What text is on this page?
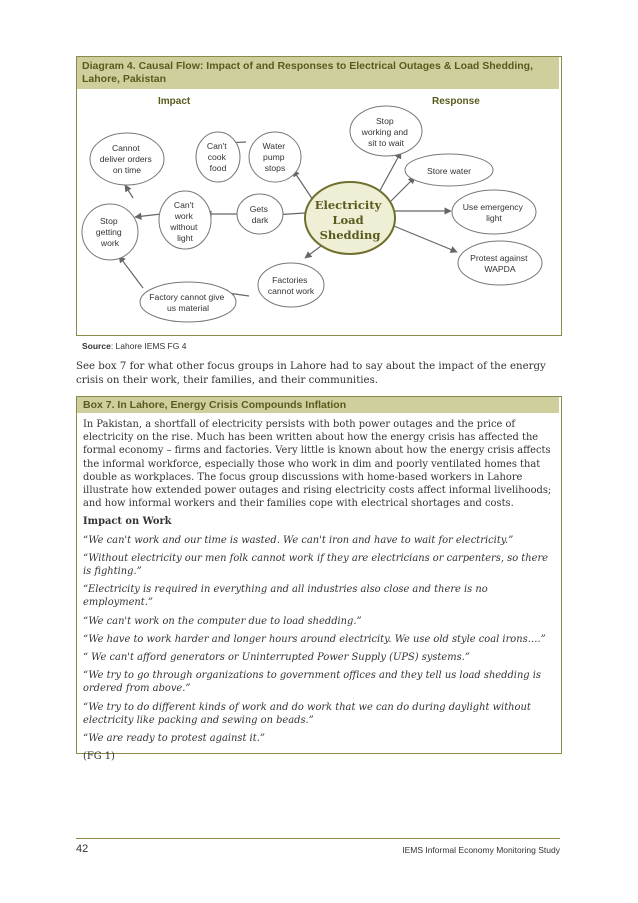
Diagram 4. Causal Flow: Impact of and Responses to Electrical Outages & Load Shedding, Lahore, Pakistan
Impact	Response
Cannot deliver orders on time
Can't cook food
Water pump stops
Stop working and sit to wait
Store water
Stop getting work
Can't work without light
Gets dark
Use emergency light
Protest against WAPDA
Factories cannot work
Factory cannot give us material
Electricity Load Shedding
Source: Lahore IEMS FG 4
See box 7 for what other focus groups in Lahore had to say about the impact of the energy crisis on their work, their families, and their communities.
Box 7. In Lahore, Energy Crisis Compounds Inflation

In Pakistan, a shortfall of electricity persists with both power outages and the price of electricity on the rise. Much has been written about how the energy crisis has affected the formal economy – firms and factories. Very little is known about how the energy crisis affects the informal workforce, especially those who work in dim and poorly ventilated homes that double as workplaces. The focus group discussions with home-based workers in Lahore illustrate how extended power outages and rising electricity costs affect informal livelihoods; and how informal workers and their families cope with electrical shortages and costs.

Impact on Work

“We can't work and our time is wasted. We can't iron and have to wait for electricity.”

“Without electricity our men folk cannot work if they are electricians or carpenters, so there is fighting.”

“Electricity is required in everything and all industries also close and there is no employment.”

“We can't work on the computer due to load shedding.”

“We have to work harder and longer hours around electricity. We use old style coal irons….”

“ We can't afford generators or Uninterrupted Power Supply (UPS) systems.”

“We try to go through organizations to government offices and they tell us load shedding is ordered from above.”

“We try to do different kinds of work and do work that we can do during daylight without electricity like packing and sewing on beads.”

“We are ready to protest against it.”

(FG 1)

42	IEMS Informal Economy Monitoring Study
